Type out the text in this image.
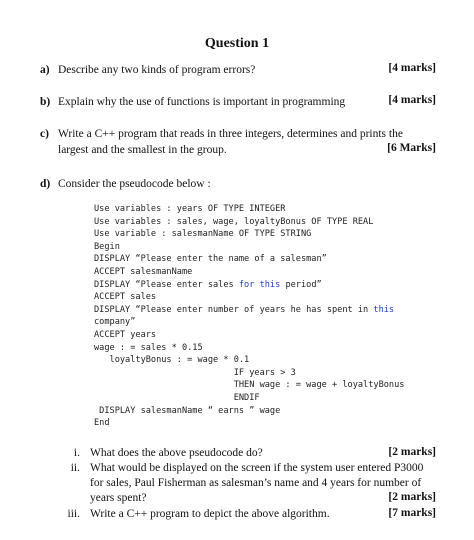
Question 1
a) Describe any two kinds of program errors?	[4 marks]
b) Explain why the use of functions is important in programming	[4 marks]
c) Write a C++ program that reads in three integers, determines and prints the
largest and the smallest in the group.	[6 Marks]
d) Consider the pseudocode below :
Use variables : years OF TYPE INTEGER
Use variables : sales, wage, loyaltyBonus OF TYPE REAL
Use variable : salesmanName OF TYPE STRING
Begin
DISPLAY “Please enter the name of a salesman”
ACCEPT salesmanName
DISPLAY “Please enter sales for this period”
ACCEPT sales
DISPLAY “Please enter number of years he has spent in this
company”
ACCEPT years
wage : = sales * 0.15
loyaltyBonus : = wage * 0.1
IF years > 3
THEN wage : = wage + loyaltyBonus
ENDIF
DISPLAY salesmanName “ earns ” wage
End
i. What does the above pseudocode do?	[2 marks]
ii. What would be displayed on the screen if the system user entered P3000
for sales, Paul Fisherman as salesman’s name and 4 years for number of
years spent?	[2 marks]
iii. Write a C++ program to depict the above algorithm.	[7 marks]
